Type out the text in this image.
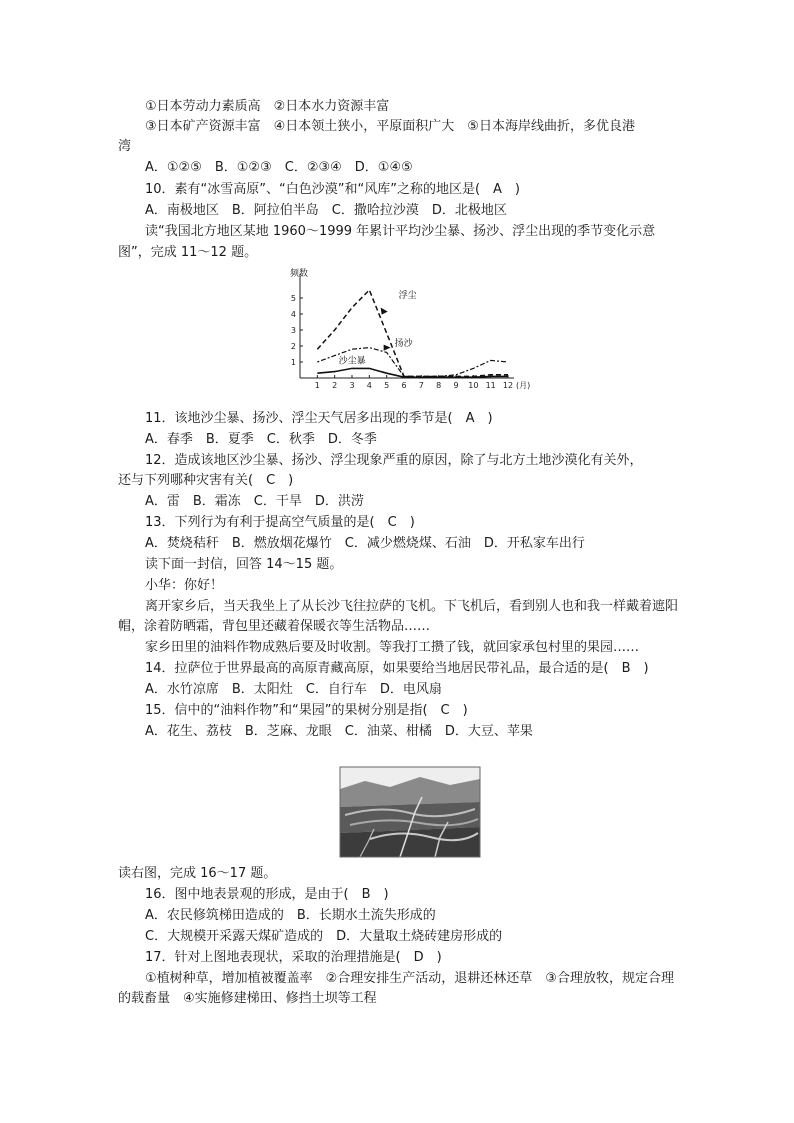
①日本劳动力素质高　②日本水力资源丰富
③日本矿产资源丰富　④日本领土狭小，平原面积广大　⑤日本海岸线曲折，多优良港
湾
A．①②⑤　B．①②③　C．②③④　D．①④⑤
10．素有“冰雪高原”、“白色沙漠”和“风库”之称的地区是(　A　)
A．南极地区　B．阿拉伯半岛　C．撒哈拉沙漠　D．北极地区
读“我国北方地区某地 1960～1999 年累计平均沙尘暴、扬沙、浮尘出现的季节变化示意
图”，完成 11～12 题。
1
2
3
4
5
1 2 3 4 5 6 7 8 9 10 11 12
频数
(月)
浮尘
扬沙
沙尘暴
11．该地沙尘暴、扬沙、浮尘天气居多出现的季节是(　A　)
A．春季　B．夏季　C．秋季　D．冬季
12．造成该地区沙尘暴、扬沙、浮尘现象严重的原因，除了与北方土地沙漠化有关外，
还与下列哪种灾害有关(　C　)
A．雷　B．霜冻　C．干旱　D．洪涝
13．下列行为有利于提高空气质量的是(　C　)
A．焚烧秸秆　B．燃放烟花爆竹　C．减少燃烧煤、石油　D．开私家车出行
读下面一封信，回答 14～15 题。
小华：你好！
离开家乡后，当天我坐上了从长沙飞往拉萨的飞机。下飞机后，看到别人也和我一样戴着遮阳帽，涂着防晒霜，背包里还藏着保暖衣等生活物品……
家乡田里的油料作物成熟后要及时收割。等我打工攒了钱，就回家承包村里的果园……
14．拉萨位于世界最高的高原青藏高原，如果要给当地居民带礼品，最合适的是(　B　)
A．水竹凉席　B．太阳灶　C．自行车　D．电风扇
15．信中的“油料作物”和“果园”的果树分别是指(　C　)
A．花生、荔枝　B．芝麻、龙眼　C．油菜、柑橘　D．大豆、苹果
读右图，完成 16～17 题。
16．图中地表景观的形成，是由于(　B　)
A．农民修筑梯田造成的　B．长期水土流失形成的
C．大规模开采露天煤矿造成的　D．大量取土烧砖建房形成的
17．针对上图地表现状，采取的治理措施是(　D　)
①植树种草，增加植被覆盖率　②合理安排生产活动，退耕还林还草　③合理放牧，规定合理的载畜量　④实施修建梯田、修挡土坝等工程
